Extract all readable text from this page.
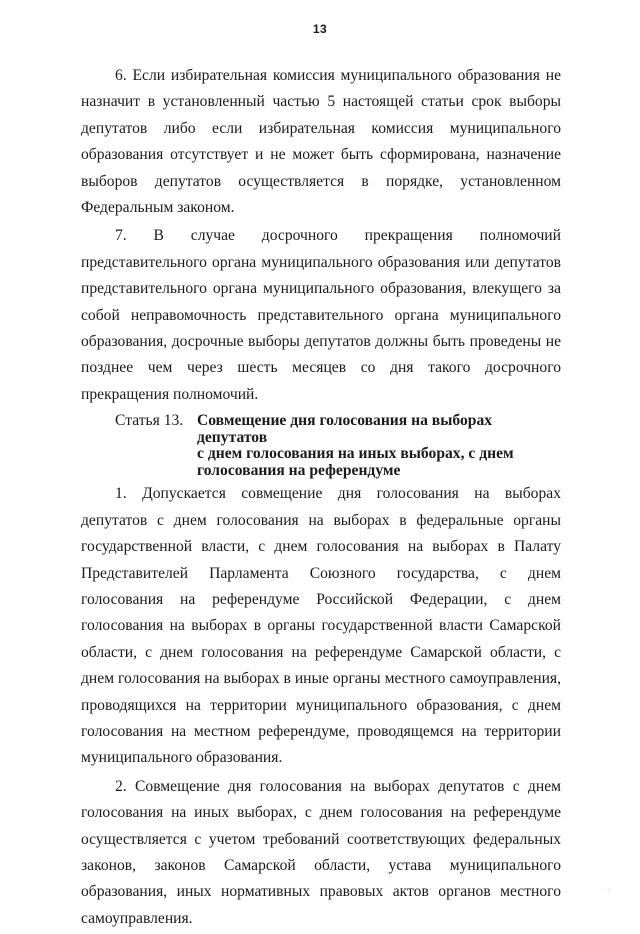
13

6. Если избирательная комиссия муниципального образования не назначит в установленный частью 5 настоящей статьи срок выборы депутатов либо если избирательная комиссия муниципального образования отсутствует и не может быть сформирована, назначение выборов депутатов осуществляется в порядке, установленном Федеральным законом.

7. В случае досрочного прекращения полномочий представительного органа муниципального образования или депутатов представительного органа муниципального образования, влекущего за собой неправомочность представительного органа муниципального образования, досрочные выборы депутатов должны быть проведены не позднее чем через шесть месяцев со дня такого досрочного прекращения полномочий.

Статья 13. Совмещение дня голосования на выборах депутатов
с днем голосования на иных выборах, с днем
голосования на референдуме

1. Допускается совмещение дня голосования на выборах депутатов с днем голосования на выборах в федеральные органы государственной власти, с днем голосования на выборах в Палату Представителей Парламента Союзного государства, с днем голосования на референдуме Российской Федерации, с днем голосования на выборах в органы государственной власти Самарской области, с днем голосования на референдуме Самарской области, с днем голосования на выборах в иные органы местного самоуправления, проводящихся на территории муниципального образования, с днем голосования на местном референдуме, проводящемся на территории муниципального образования.

2. Совмещение дня голосования на выборах депутатов с днем голосования на иных выборах, с днем голосования на референдуме осуществляется с учетом требований соответствующих федеральных законов, законов Самарской области, устава муниципального образования, иных нормативных правовых актов органов местного самоуправления.

·:·
